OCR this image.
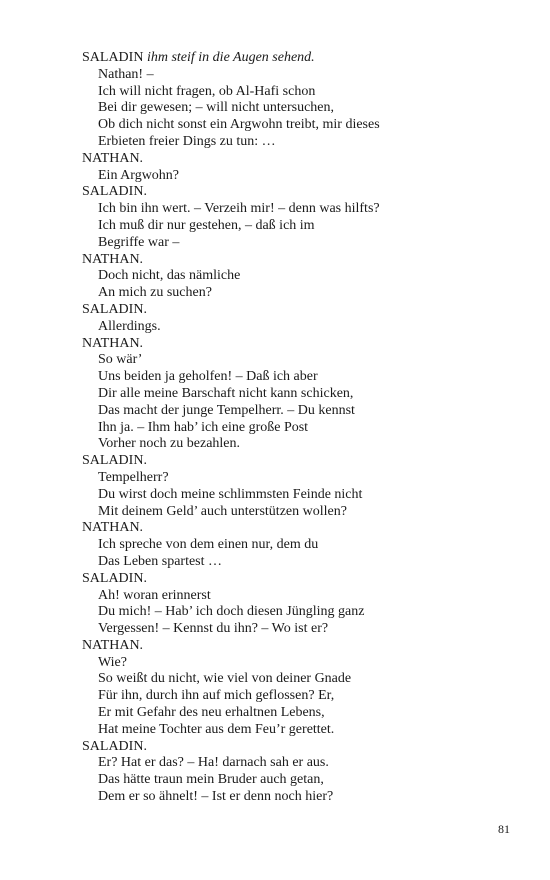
SALADIN ihm steif in die Augen sehend.
Nathan! –
Ich will nicht fragen, ob Al-Hafi schon
Bei dir gewesen; – will nicht untersuchen,
Ob dich nicht sonst ein Argwohn treibt, mir dieses
Erbieten freier Dings zu tun: …
NATHAN.
Ein Argwohn?
SALADIN.
Ich bin ihn wert. – Verzeih mir! – denn was hilfts?
Ich muß dir nur gestehen, – daß ich im
Begriffe war –
NATHAN.
Doch nicht, das nämliche
An mich zu suchen?
SALADIN.
Allerdings.
NATHAN.
So wär’
Uns beiden ja geholfen! – Daß ich aber
Dir alle meine Barschaft nicht kann schicken,
Das macht der junge Tempelherr. – Du kennst
Ihn ja. – Ihm hab’ ich eine große Post
Vorher noch zu bezahlen.
SALADIN.
Tempelherr?
Du wirst doch meine schlimmsten Feinde nicht
Mit deinem Geld’ auch unterstützen wollen?
NATHAN.
Ich spreche von dem einen nur, dem du
Das Leben spartest …
SALADIN.
Ah! woran erinnerst
Du mich! – Hab’ ich doch diesen Jüngling ganz
Vergessen! – Kennst du ihn? – Wo ist er?
NATHAN.
Wie?
So weißt du nicht, wie viel von deiner Gnade
Für ihn, durch ihn auf mich geflossen? Er,
Er mit Gefahr des neu erhaltnen Lebens,
Hat meine Tochter aus dem Feu’r gerettet.
SALADIN.
Er? Hat er das? – Ha! darnach sah er aus.
Das hätte traun mein Bruder auch getan,
Dem er so ähnelt! – Ist er denn noch hier?
81
